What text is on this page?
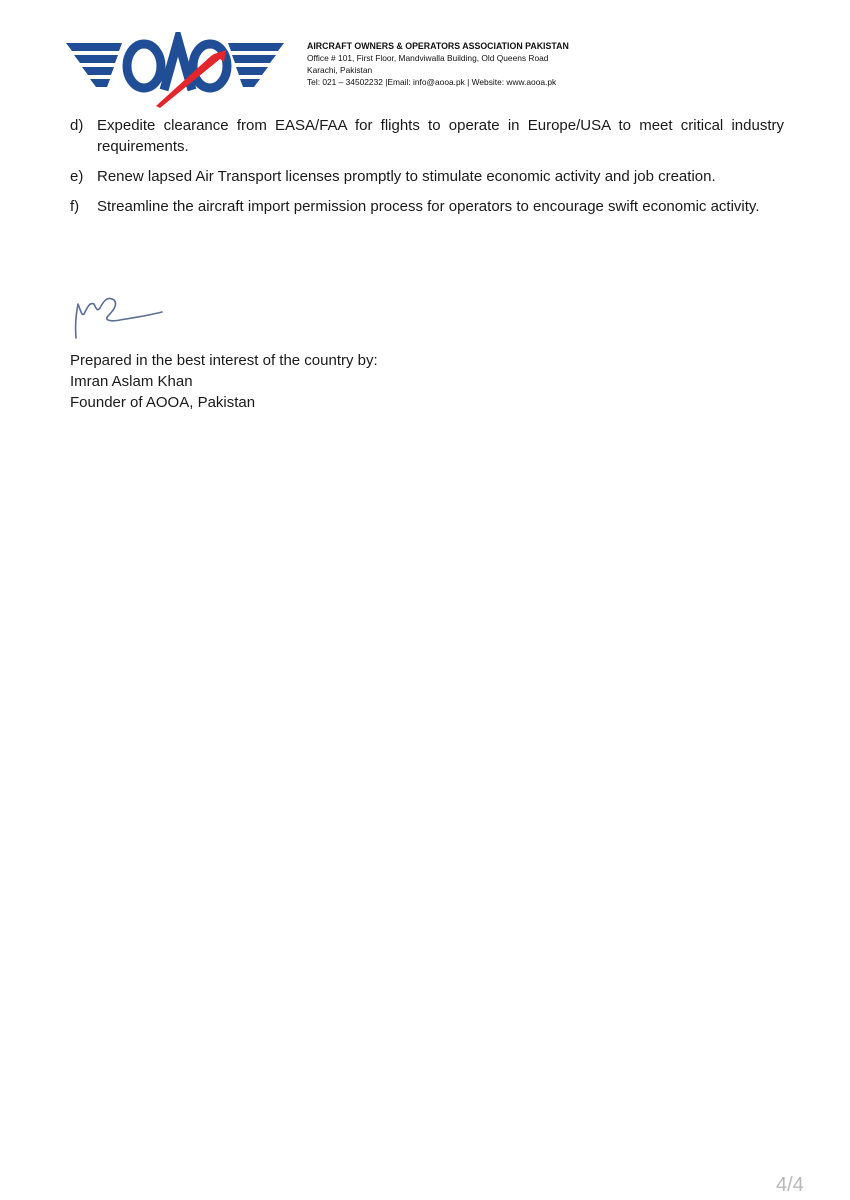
AIRCRAFT OWNERS & OPERATORS ASSOCIATION PAKISTAN
Office # 101, First Floor, Mandviwalla Building, Old Queens Road
Karachi, Pakistan
Tel: 021 – 34502232 |Email: info@aooa.pk | Website: www.aooa.pk
d) Expedite clearance from EASA/FAA for flights to operate in Europe/USA to meet critical industry requirements.
e) Renew lapsed Air Transport licenses promptly to stimulate economic activity and job creation.
f)	Streamline the aircraft import permission process for operators to encourage swift economic activity.
Prepared in the best interest of the country by:
Imran Aslam Khan
Founder of AOOA, Pakistan
4/4
